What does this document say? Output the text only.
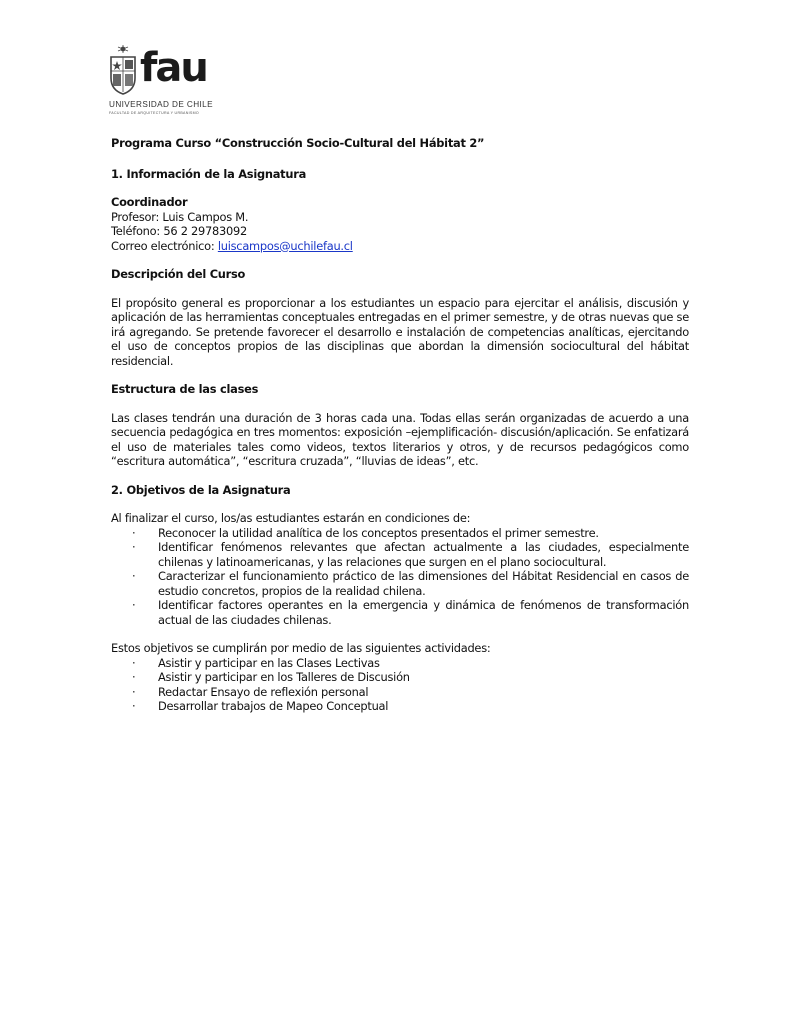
fau
UNIVERSIDAD DE CHILE
FACULTAD DE ARQUITECTURA Y URBANISMO

Programa Curso “Construcción Socio-Cultural del Hábitat 2”

1. Información de la Asignatura

Coordinador

Profesor: Luis Campos M.

Teléfono: 56 2 29783092

Correo electrónico: luiscampos@uchilefau.cl

Descripción del Curso

El propósito general es proporcionar a los estudiantes un espacio para ejercitar el análisis, discusión y aplicación de las herramientas conceptuales entregadas en el primer semestre, y de otras nuevas que se irá agregando. Se pretende favorecer el desarrollo e instalación de competencias analíticas, ejercitando el uso de conceptos propios de las disciplinas que abordan la dimensión sociocultural del hábitat residencial.

Estructura de las clases

Las clases tendrán una duración de 3 horas cada una. Todas ellas serán organizadas de acuerdo a una secuencia pedagógica en tres momentos: exposición –ejemplificación- discusión/aplicación. Se enfatizará el uso de materiales tales como videos, textos literarios y otros, y de recursos pedagógicos como “escritura automática”, “escritura cruzada”, “lluvias de ideas”, etc.

2. Objetivos de la Asignatura

Al finalizar el curso, los/as estudiantes estarán en condiciones de:

· Reconocer la utilidad analítica de los conceptos presentados el primer semestre.
· Identificar fenómenos relevantes que afectan actualmente a las ciudades, especialmente chilenas y latinoamericanas, y las relaciones que surgen en el plano sociocultural.
· Caracterizar el funcionamiento práctico de las dimensiones del Hábitat Residencial en casos de estudio concretos, propios de la realidad chilena.
· Identificar factores operantes en la emergencia y dinámica de fenómenos de transformación actual de las ciudades chilenas.

Estos objetivos se cumplirán por medio de las siguientes actividades:

· Asistir y participar en las Clases Lectivas
· Asistir y participar en los Talleres de Discusión
· Redactar Ensayo de reflexión personal
· Desarrollar trabajos de Mapeo Conceptual
